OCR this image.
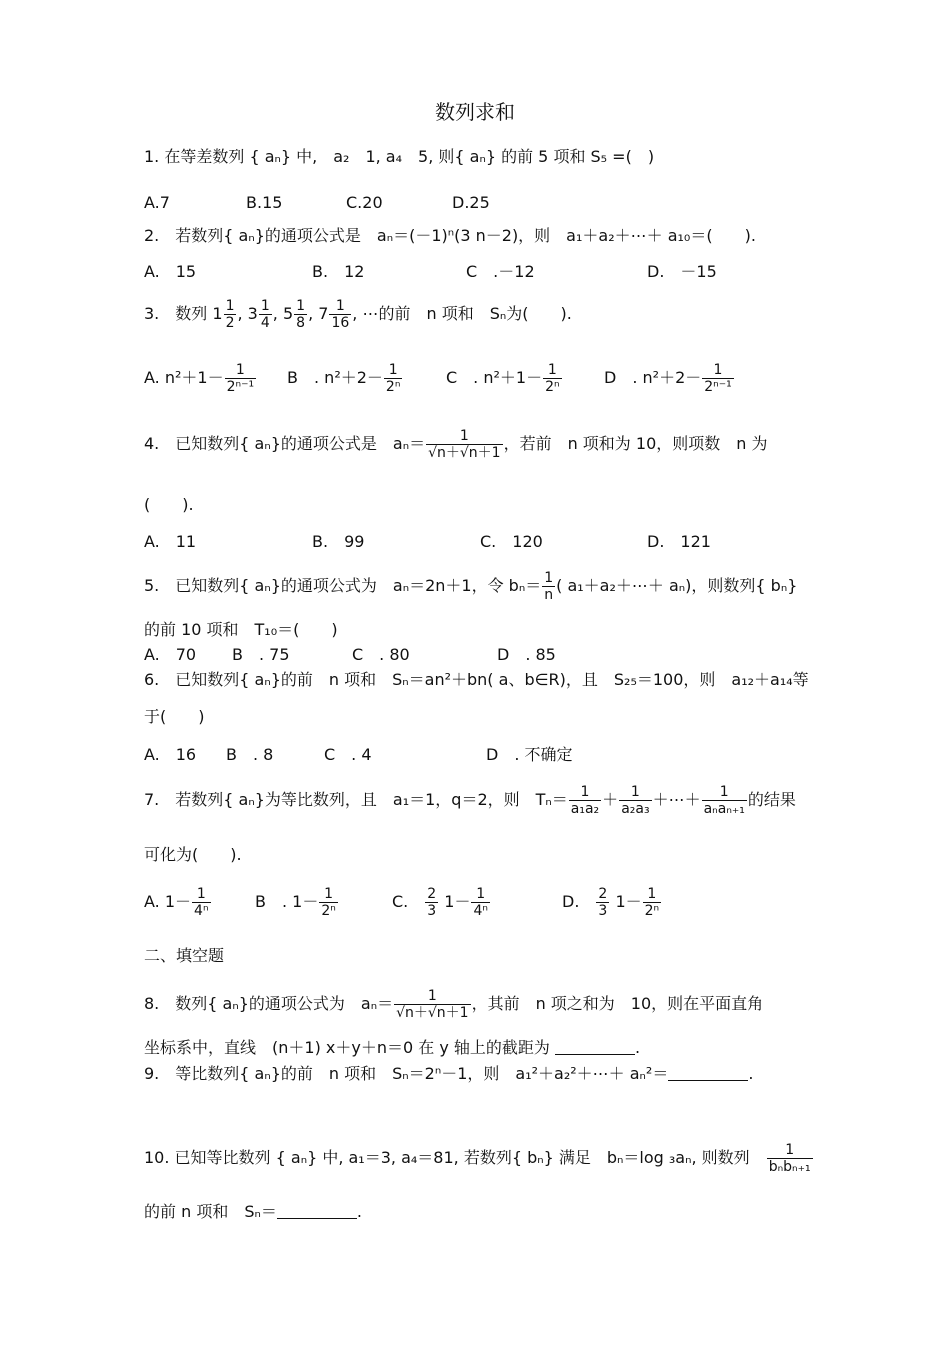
数列求和
1. 在等差数列 { aₙ} 中,　a₂　1, a₄　5, 则{ aₙ} 的前 5 项和 S₅ =(　)
A.7	B.15	C.20	D.25
2.　若数列{ aₙ}的通项公式是　aₙ＝(－1)ⁿ(3 n－2)，则　a₁＋a₂＋⋯＋ a₁₀＝(　　).
A.　15	B.　12	C　.－12	D.　－15
3.　数列 $1 \frac{1}{2}$ , $3 \frac{1}{4}$ , $5 \frac{1}{8}$ , $7 \frac{1}{16}$ , ⋯的前　n 项和　Sₙ为(　　).
A. $n^2+1- \frac{1}{\text{2ⁿ⁻¹}}$ B　. $n^2+2- \frac{1}{\text{2ⁿ}}$	C　. $n^2+1- \frac{1}{\text{2ⁿ}}$	D　. $n^2+2- \frac{1}{\text{2ⁿ⁻¹}}$
4.　已知数列{ aₙ}的通项公式是　$a_n= \frac{1}{√n+√n+1}$ ，若前　n 项和为 10，则项数　n 为
(　　).
A.　11	B.　99	C.　120	D.　121
5.　已知数列{ aₙ}的通项公式为　aₙ＝2n＋1，令 $b_n= \frac{1}{n}$ ( a₁＋a₂＋⋯＋ aₙ)，则数列{ bₙ}
的前 10 项和　T₁₀＝(　　)
A.　70 B　. 75	C　. 80	D　. 85
6.　已知数列{ aₙ}的前　n 项和　Sₙ＝an²＋bn( a、b∈R)，且　S₂₅＝100，则　a₁₂＋a₁₄等
于(　　)
A.　16 B　. 8	C　. 4	D　. 不确定
7.　若数列{ aₙ}为等比数列，且　a₁＝1，q＝2，则　$T_n= \frac{1}{\text{a₁a₂}} + \frac{1}{\text{a₂a₃}}$ ＋⋯＋ $\frac{1}{\text{aₙaₙ₊₁}}$ 的结果
可化为(　　).
A. $1- \frac{1}{\text{4ⁿ}}$	B　. $1- \frac{1}{\text{2ⁿ}}$	C.　 $\frac{2}{3} 1- \frac{1}{\text{4ⁿ}}$	D.　 $\frac{2}{3} 1- \frac{1}{\text{2ⁿ}}$
二、填空题
8.　数列{ aₙ}的通项公式为　$a_n= \frac{1}{√n+√n+1}$ ，其前　n 项之和为　10，则在平面直角
坐标系中，直线　(n＋1) x＋y＋n＝0 在 y 轴上的截距为	.
9.　等比数列{ aₙ}的前　n 项和　Sₙ＝2ⁿ－1，则　a₁²＋a₂²＋⋯＋ aₙ²＝	.
10. 已知等比数列 { aₙ} 中, a₁＝3, a₄＝81, 若数列{ bₙ} 满足　bₙ＝log ₃aₙ, 则数列　 $\frac{1}{\text{bₙbₙ₊₁}}$
的前 n 项和　Sₙ＝	.
